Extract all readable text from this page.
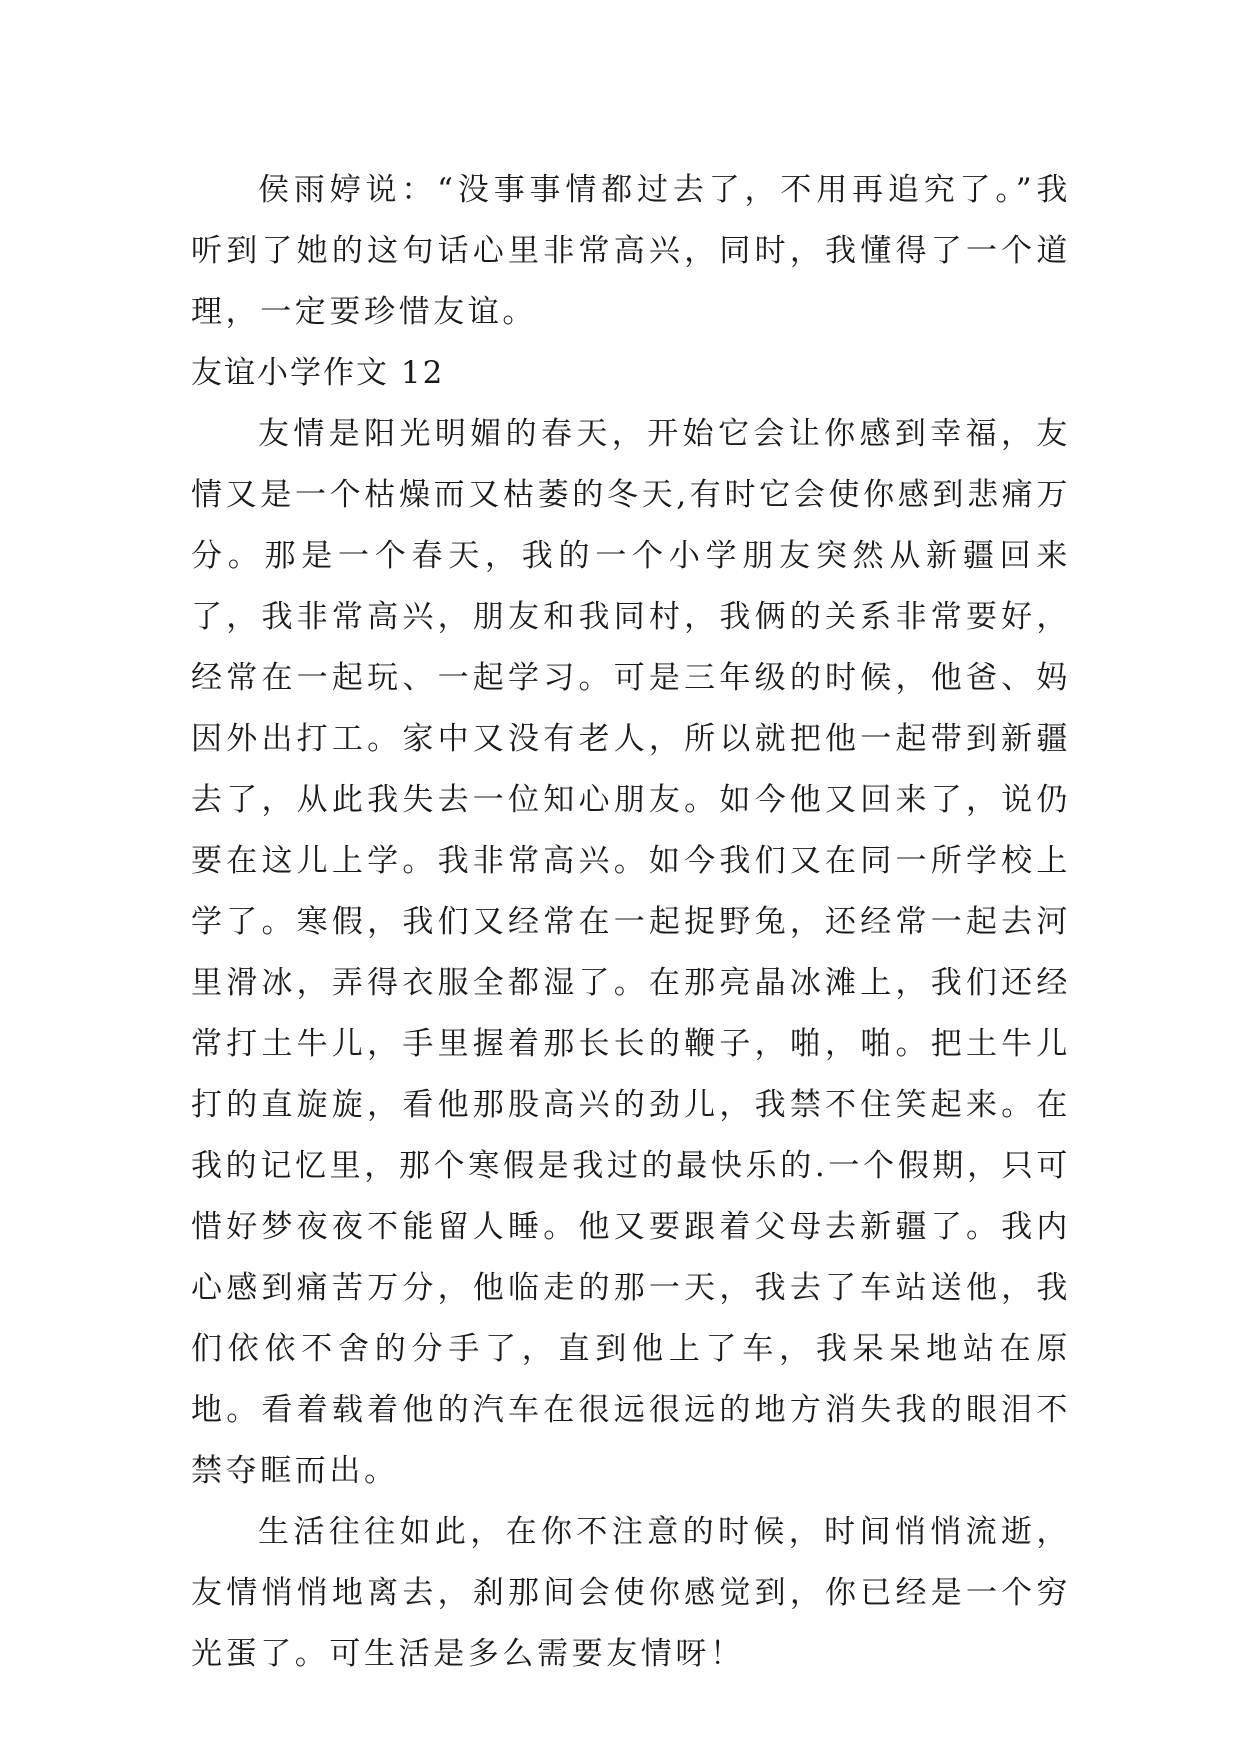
侯雨婷说：“没事事情都过去了，不用再追究了。”我听到了她的这句话心里非常高兴，同时，我懂得了一个道理，一定要珍惜友谊。

友谊小学作文 12

友情是阳光明媚的春天，开始它会让你感到幸福，友情又是一个枯燥而又枯萎的冬天,有时它会使你感到悲痛万分。那是一个春天，我的一个小学朋友突然从新疆回来了，我非常高兴，朋友和我同村，我俩的关系非常要好，经常在一起玩、一起学习。可是三年级的时候，他爸、妈因外出打工。家中又没有老人，所以就把他一起带到新疆去了，从此我失去一位知心朋友。如今他又回来了，说仍要在这儿上学。我非常高兴。如今我们又在同一所学校上学了。寒假，我们又经常在一起捉野兔，还经常一起去河里滑冰，弄得衣服全都湿了。在那亮晶冰滩上，我们还经常打土牛儿，手里握着那长长的鞭子，啪，啪。把土牛儿打的直旋旋，看他那股高兴的劲儿，我禁不住笑起来。在我的记忆里，那个寒假是我过的最快乐的.一个假期，只可惜好梦夜夜不能留人睡。他又要跟着父母去新疆了。我内心感到痛苦万分，他临走的那一天，我去了车站送他，我们依依不舍的分手了，直到他上了车，我呆呆地站在原地。看着载着他的汽车在很远很远的地方消失我的眼泪不禁夺眶而出。

生活往往如此，在你不注意的时候，时间悄悄流逝，友情悄悄地离去，刹那间会使你感觉到，你已经是一个穷光蛋了。可生活是多么需要友情呀！
